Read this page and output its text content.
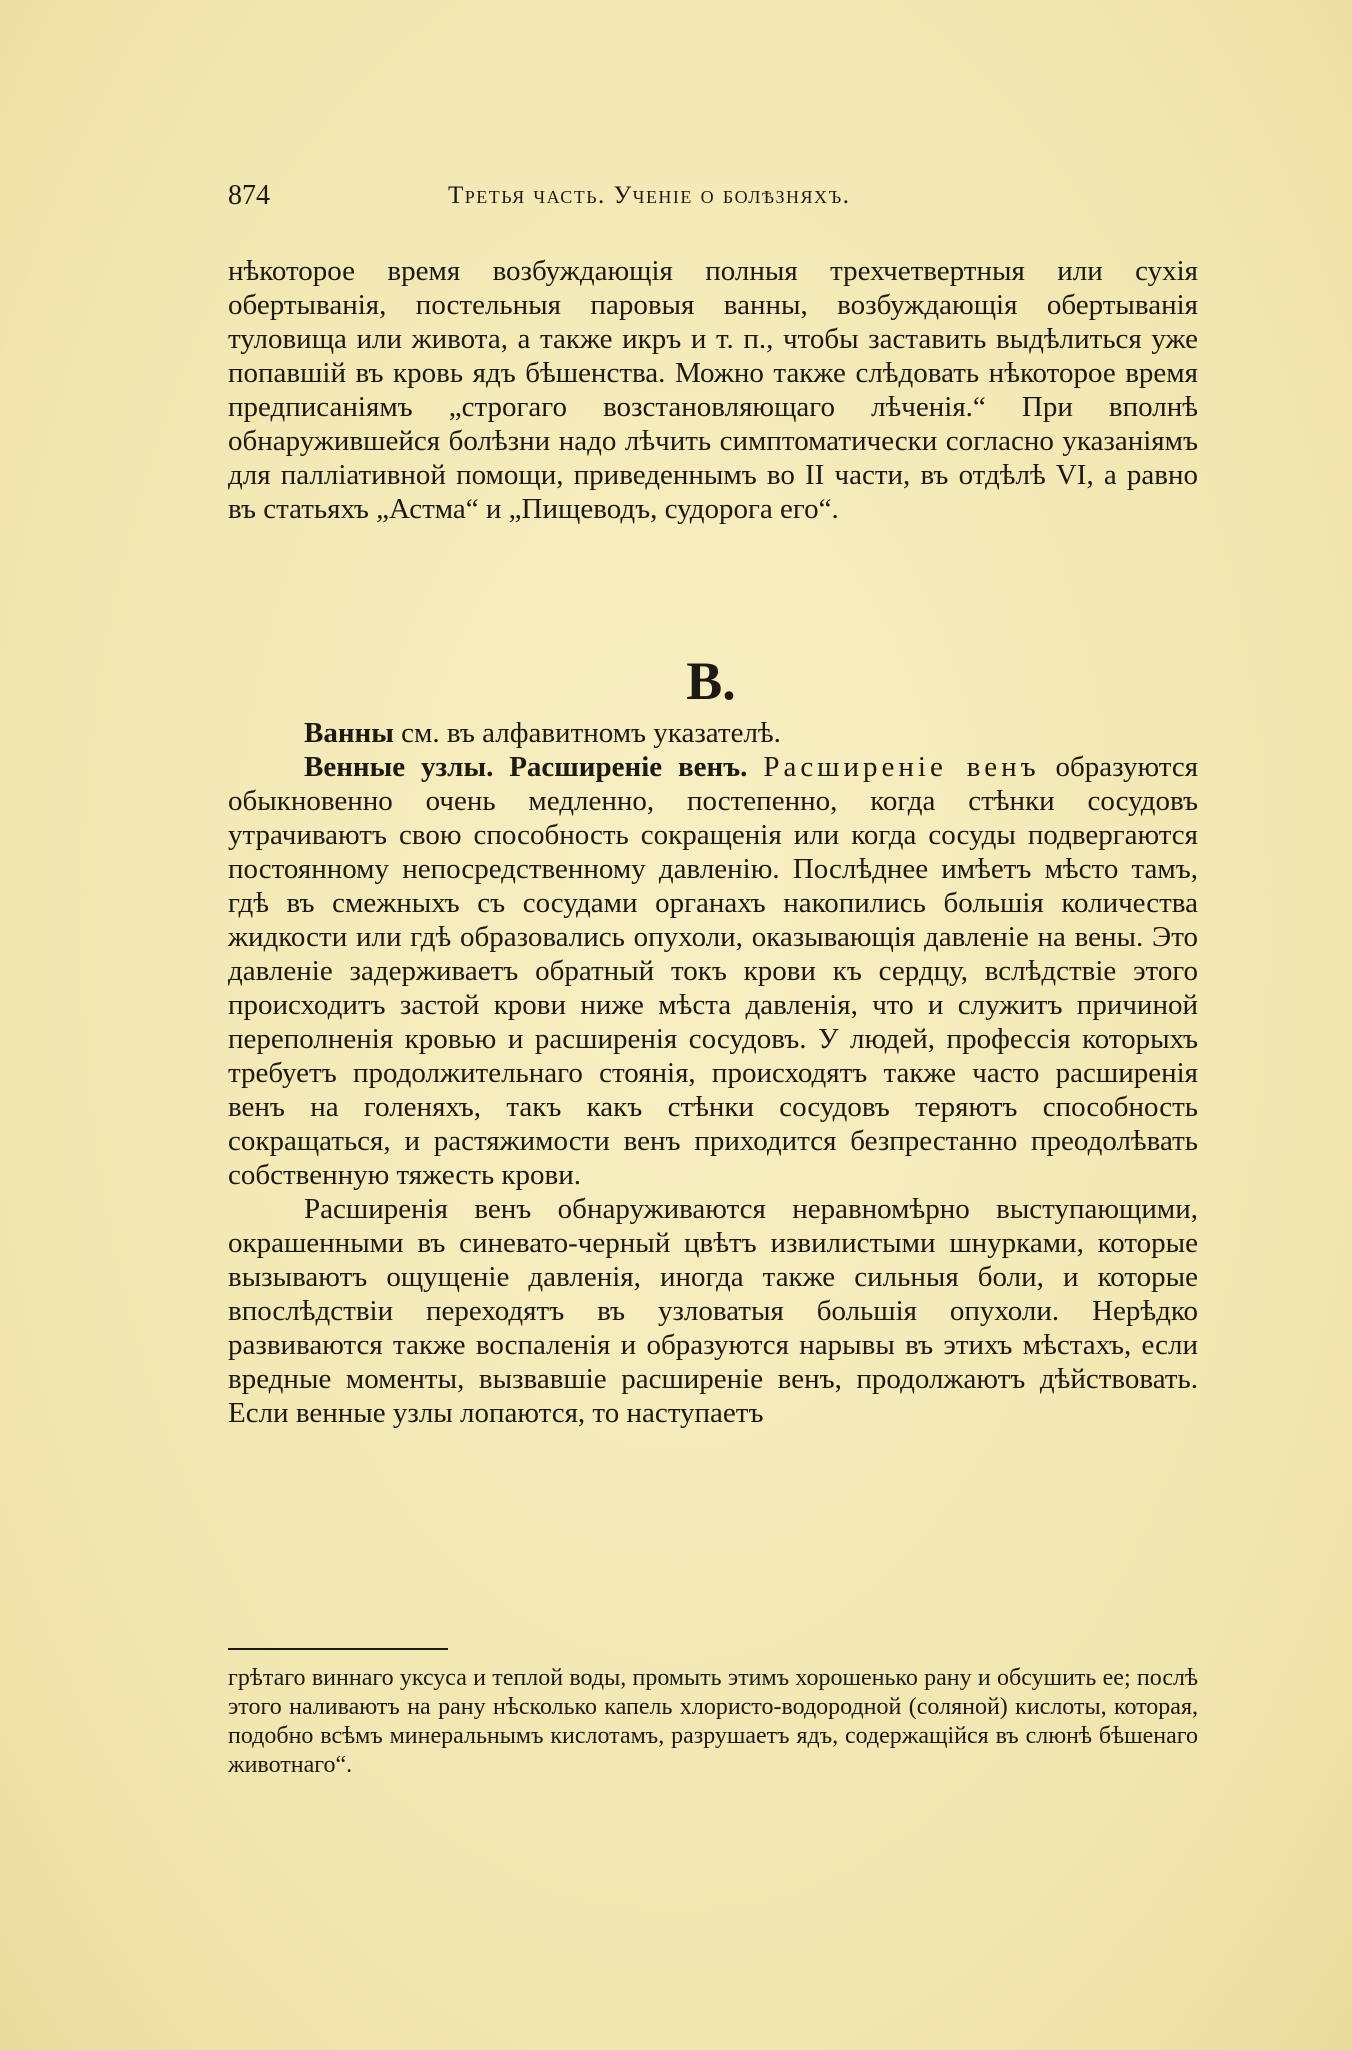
874	Третья часть. Ученіе о болѣзняхъ.

нѣкоторое время возбуждающія полныя трехчетвертныя или сухія обертыванія, постельныя паровыя ванны, возбуждающія обертыванія туловища или живота, а также икръ и т. п., чтобы заставить выдѣлиться уже попавшій въ кровь ядъ бѣшенства. Можно также слѣдовать нѣкоторое время предписаніямъ „строгаго возстановляющаго лѣченія.“ При вполнѣ обнаружившейся болѣзни надо лѣчить симптоматически согласно указаніямъ для палліативной помощи, приведеннымъ во II части, въ отдѣлѣ VI, а равно въ статьяхъ „Астма“ и „Пищеводъ, судорога его“.

В.

Ванны см. въ алфавитномъ указателѣ.

Венные узлы. Расширеніе венъ. Расширеніе венъ образуются обыкновенно очень медленно, постепенно, когда стѣнки сосудовъ утрачиваютъ свою способность сокращенія или когда сосуды подвергаются постоянному непосредственному давленію. Послѣднее имѣетъ мѣсто тамъ, гдѣ въ смежныхъ съ сосудами органахъ накопились большія количества жидкости или гдѣ образовались опухоли, оказывающія давленіе на вены. Это давленіе задерживаетъ обратный токъ крови къ сердцу, вслѣдствіе этого происходитъ застой крови ниже мѣста давленія, что и служитъ причиной переполненія кровью и расширенія сосудовъ. У людей, профессія которыхъ требуетъ продолжительнаго стоянія, происходятъ также часто расширенія венъ на голеняхъ, такъ какъ стѣнки сосудовъ теряютъ способность сокращаться, и растяжимости венъ приходится безпрестанно преодолѣвать собственную тяжесть крови.

Расширенія венъ обнаруживаются неравномѣрно выступающими, окрашенными въ синевато-черный цвѣтъ извилистыми шнурками, которые вызываютъ ощущеніе давленія, иногда также сильныя боли, и которые впослѣдствіи переходятъ въ узловатыя большія опухоли. Нерѣдко развиваются также воспаленія и образуются нарывы въ этихъ мѣстахъ, если вредные моменты, вызвавшіе расширеніе венъ, продолжаютъ дѣйствовать. Если венные узлы лопаются, то наступаетъ

грѣтаго виннаго уксуса и теплой воды, промыть этимъ хорошенько рану и обсушить ее; послѣ этого наливаютъ на рану нѣсколько капель хлористо-водородной (соляной) кислоты, которая, подобно всѣмъ минеральнымъ кислотамъ, разрушаетъ ядъ, содержащійся въ слюнѣ бѣшенаго животнаго“.
